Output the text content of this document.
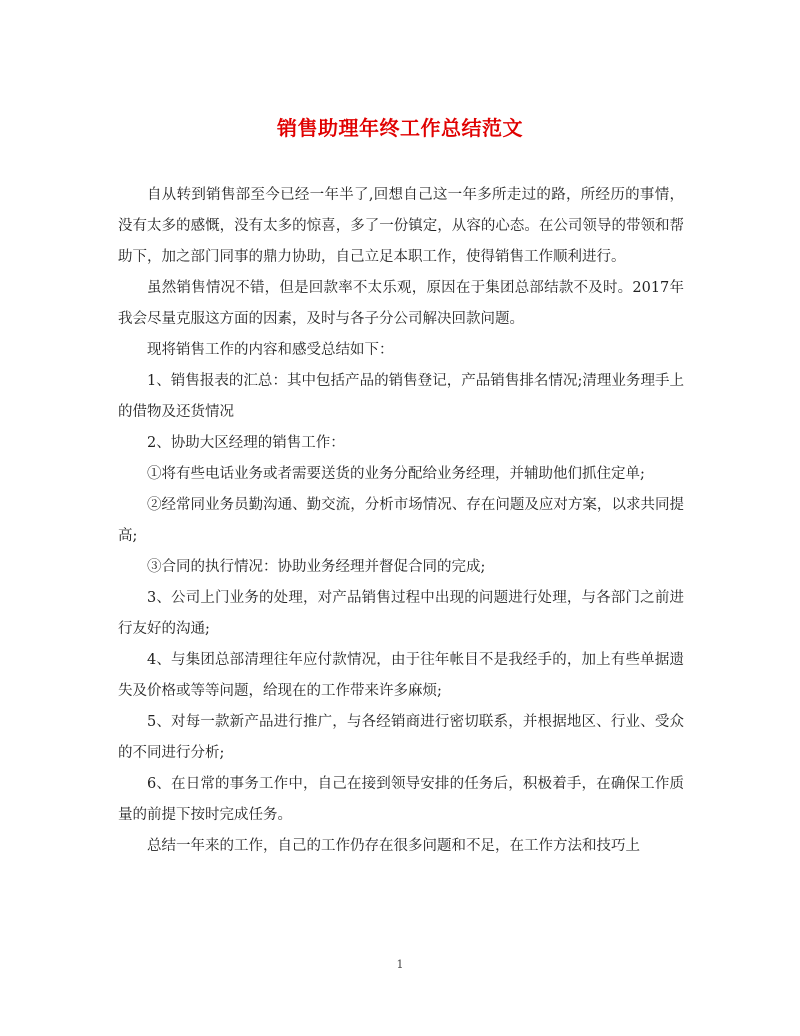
销售助理年终工作总结范文

自从转到销售部至今已经一年半了,回想自己这一年多所走过的路，所经历的事情，没有太多的感慨，没有太多的惊喜，多了一份镇定，从容的心态。在公司领导的带领和帮助下，加之部门同事的鼎力协助，自己立足本职工作，使得销售工作顺利进行。

虽然销售情况不错，但是回款率不太乐观，原因在于集团总部结款不及时。2017年我会尽量克服这方面的因素，及时与各子分公司解决回款问题。

现将销售工作的内容和感受总结如下：

1、销售报表的汇总：其中包括产品的销售登记，产品销售排名情况;清理业务理手上的借物及还货情况

2、协助大区经理的销售工作：

①将有些电话业务或者需要送货的业务分配给业务经理，并辅助他们抓住定单;

②经常同业务员勤沟通、勤交流，分析市场情况、存在问题及应对方案，以求共同提高;

③合同的执行情况：协助业务经理并督促合同的完成;

3、公司上门业务的处理，对产品销售过程中出现的问题进行处理，与各部门之前进行友好的沟通;

4、与集团总部清理往年应付款情况，由于往年帐目不是我经手的，加上有些单据遗失及价格或等等问题，给现在的工作带来许多麻烦;

5、对每一款新产品进行推广，与各经销商进行密切联系，并根据地区、行业、受众的不同进行分析;

6、在日常的事务工作中，自己在接到领导安排的任务后，积极着手，在确保工作质量的前提下按时完成任务。

总结一年来的工作，自己的工作仍存在很多问题和不足，在工作方法和技巧上

1
